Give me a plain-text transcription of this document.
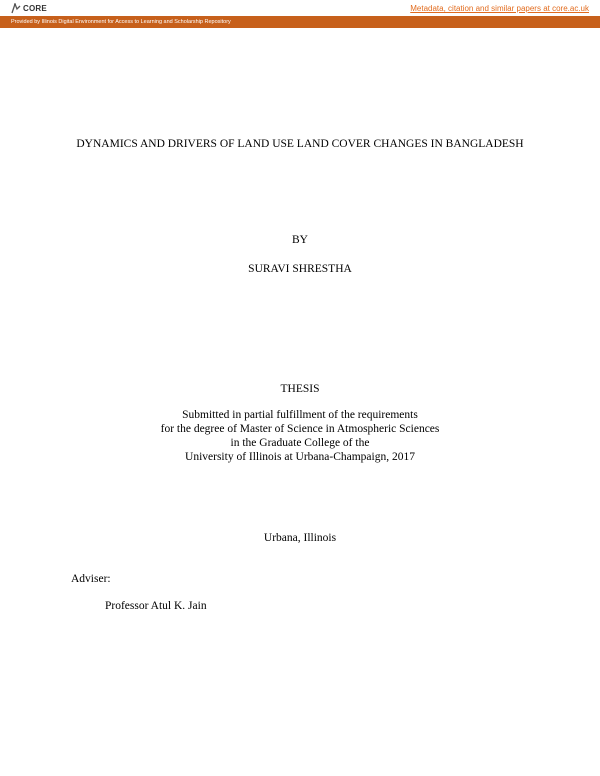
CORE	Metadata, citation and similar papers at core.ac.uk
Provided by Illinois Digital Environment for Access to Learning and Scholarship Repository
DYNAMICS AND DRIVERS OF LAND USE LAND COVER CHANGES IN BANGLADESH
BY
SURAVI SHRESTHA
THESIS
Submitted in partial fulfillment of the requirements
for the degree of Master of Science in Atmospheric Sciences
in the Graduate College of the
University of Illinois at Urbana-Champaign, 2017
Urbana, Illinois
Adviser:
Professor Atul K. Jain
